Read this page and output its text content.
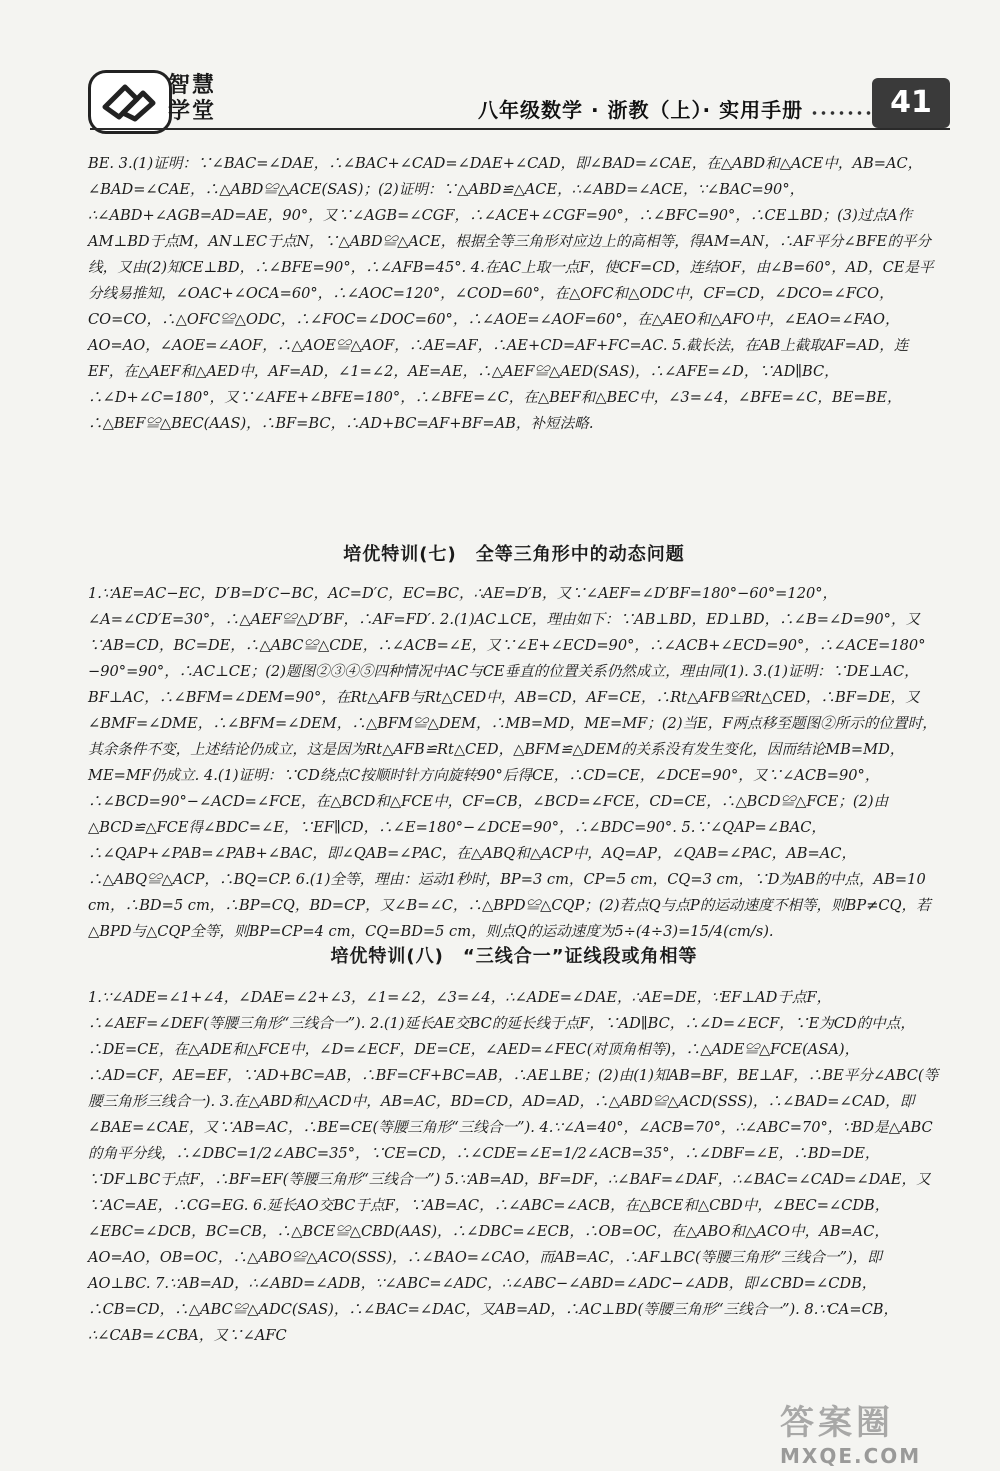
智慧学堂	八年级数学 · 浙教（上）· 实用手册	41

BE. 3.(1)证明：∵∠BAC=∠DAE，∴∠BAC+∠CAD=∠DAE+∠CAD，即∠BAD=∠CAE，在△ABD和△ACE中，AB=AC，∠BAD=∠CAE，∴△ABD≌△ACE(SAS)；(2)证明：∵△ABD≌△ACE，∴∠ABD=∠ACE，∵∠BAC=90°，∴∠ABD+∠AGB=AD=AE，90°，又∵∠AGB=∠CGF，∴∠ACE+∠CGF=90°，∴∠BFC=90°，∴CE⊥BD；(3)过点A作AM⊥BD于点M，AN⊥EC于点N，∵△ABD≌△ACE，根据全等三角形对应边上的高相等，得AM=AN，∴AF平分∠BFE的平分线，又由(2)知CE⊥BD，∴∠BFE=90°，∴∠AFB=45°. 4.在AC上取一点F，使CF=CD，连结OF，由∠B=60°，AD，CE是平分线易推知，∠OAC+∠OCA=60°，∴∠AOC=120°，∠COD=60°，在△OFC和△ODC中，CF=CD，∠DCO=∠FCO，CO=CO，∴△OFC≌△ODC，∴∠FOC=∠DOC=60°，∴∠AOE=∠AOF=60°，在△AEO和△AFO中，∠EAO=∠FAO，AO=AO，∠AOE=∠AOF，∴△AOE≌△AOF，∴AE=AF，∴AE+CD=AF+FC=AC. 5.截长法，在AB上截取AF=AD，连EF，在△AEF和△AED中，AF=AD，∠1=∠2，AE=AE，∴△AEF≌△AED(SAS)，∴∠AFE=∠D，∵AD∥BC，∴∠D+∠C=180°，又∵∠AFE+∠BFE=180°，∴∠BFE=∠C，在△BEF和△BEC中，∠3=∠4，∠BFE=∠C，BE=BE，∴△BEF≌△BEC(AAS)，∴BF=BC，∴AD+BC=AF+BF=AB，补短法略.

培优特训(七)　全等三角形中的动态问题

1.∵AE=AC−EC，D′B=D′C−BC，AC=D′C，EC=BC，∴AE=D′B，又∵∠AEF=∠D′BF=180°−60°=120°，∠A=∠CD′E=30°，∴△AEF≌△D′BF，∴AF=FD′. 2.(1)AC⊥CE，理由如下：∵AB⊥BD，ED⊥BD，∴∠B=∠D=90°，又∵AB=CD，BC=DE，∴△ABC≌△CDE，∴∠ACB=∠E，又∵∠E+∠ECD=90°，∴∠ACB+∠ECD=90°，∴∠ACE=180°−90°=90°，∴AC⊥CE；(2)题图②③④⑤四种情况中AC与CE垂直的位置关系仍然成立，理由同(1). 3.(1)证明：∵DE⊥AC，BF⊥AC，∴∠BFM=∠DEM=90°，在Rt△AFB与Rt△CED中，AB=CD，AF=CE，∴Rt△AFB≌Rt△CED，∴BF=DE，又∠BMF=∠DME，∴∠BFM=∠DEM，∴△BFM≌△DEM，∴MB=MD，ME=MF；(2)当E，F两点移至题图②所示的位置时，其余条件不变，上述结论仍成立，这是因为Rt△AFB≌Rt△CED，△BFM≌△DEM的关系没有发生变化，因而结论MB=MD，ME=MF仍成立. 4.(1)证明：∵CD绕点C按顺时针方向旋转90°后得CE，∴CD=CE，∠DCE=90°，又∵∠ACB=90°，∴∠BCD=90°−∠ACD=∠FCE，在△BCD和△FCE中，CF=CB，∠BCD=∠FCE，CD=CE，∴△BCD≌△FCE；(2)由△BCD≌△FCE得∠BDC=∠E，∵EF∥CD，∴∠E=180°−∠DCE=90°，∴∠BDC=90°. 5.∵∠QAP=∠BAC，∴∠QAP+∠PAB=∠PAB+∠BAC，即∠QAB=∠PAC，在△ABQ和△ACP中，AQ=AP，∠QAB=∠PAC，AB=AC，∴△ABQ≌△ACP，∴BQ=CP. 6.(1)全等，理由：运动1秒时，BP=3 cm，CP=5 cm，CQ=3 cm，∵D为AB的中点，AB=10 cm，∴BD=5 cm，∴BP=CQ，BD=CP，又∠B=∠C，∴△BPD≌△CQP；(2)若点Q与点P的运动速度不相等，则BP≠CQ，若△BPD与△CQP全等，则BP=CP=4 cm，CQ=BD=5 cm，则点Q的运动速度为5÷(4÷3)=15/4(cm/s).

培优特训(八)　“三线合一”证线段或角相等

1.∵∠ADE=∠1+∠4，∠DAE=∠2+∠3，∠1=∠2，∠3=∠4，∴∠ADE=∠DAE，∴AE=DE，∵EF⊥AD于点F，∴∠AEF=∠DEF(等腰三角形“三线合一”). 2.(1)延长AE交BC的延长线于点F，∵AD∥BC，∴∠D=∠ECF，∵E为CD的中点，∴DE=CE，在△ADE和△FCE中，∠D=∠ECF，DE=CE，∠AED=∠FEC(对顶角相等)，∴△ADE≌△FCE(ASA)，∴AD=CF，AE=EF，∵AD+BC=AB，∴BF=CF+BC=AB，∴AE⊥BE；(2)由(1)知AB=BF，BE⊥AF，∴BE平分∠ABC(等腰三角形三线合一). 3.在△ABD和△ACD中，AB=AC，BD=CD，AD=AD，∴△ABD≌△ACD(SSS)，∴∠BAD=∠CAD，即∠BAE=∠CAE，又∵AB=AC，∴BE=CE(等腰三角形“三线合一”). 4.∵∠A=40°，∠ACB=70°，∴∠ABC=70°，∵BD是△ABC的角平分线，∴∠DBC=1/2∠ABC=35°，∵CE=CD，∴∠CDE=∠E=1/2∠ACB=35°，∴∠DBF=∠E，∴BD=DE，∵DF⊥BC于点F，∴BF=EF(等腰三角形“三线合一”) 5.∵AB=AD，BF=DF，∴∠BAF=∠DAF，∴∠BAC=∠CAD=∠DAE，又∵AC=AE，∴CG=EG. 6.延长AO交BC于点F，∵AB=AC，∴∠ABC=∠ACB，在△BCE和△CBD中，∠BEC=∠CDB，∠EBC=∠DCB，BC=CB，∴△BCE≌△CBD(AAS)，∴∠DBC=∠ECB，∴OB=OC，在△ABO和△ACO中，AB=AC，AO=AO，OB=OC，∴△ABO≌△ACO(SSS)，∴∠BAO=∠CAO，而AB=AC，∴AF⊥BC(等腰三角形“三线合一”)，即AO⊥BC. 7.∵AB=AD，∴∠ABD=∠ADB，∵∠ABC=∠ADC，∴∠ABC−∠ABD=∠ADC−∠ADB，即∠CBD=∠CDB，∴CB=CD，∴△ABC≌△ADC(SAS)，∴∠BAC=∠DAC，又AB=AD，∴AC⊥BD(等腰三角形“三线合一”). 8.∵CA=CB，∴∠CAB=∠CBA，又∵∠AFC

答案圈
MXQE.COM
